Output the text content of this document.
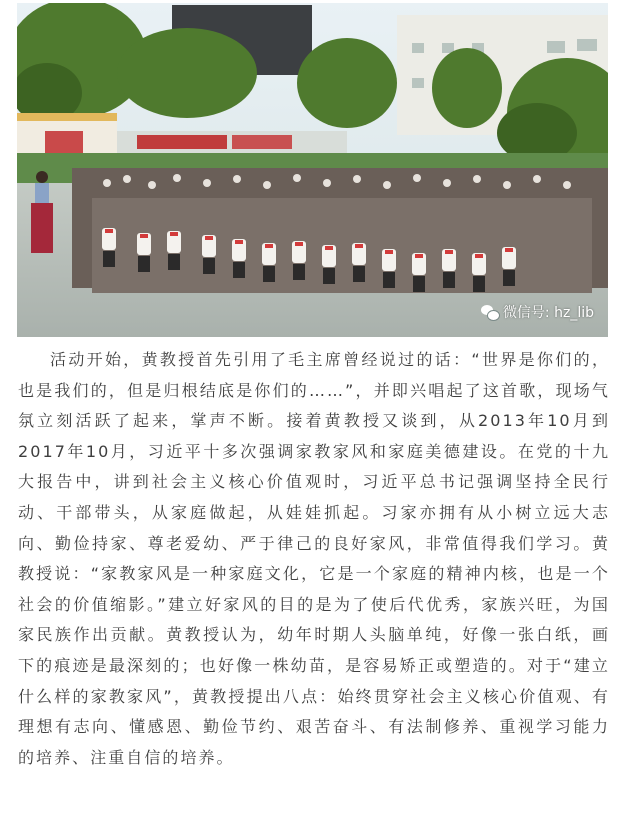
微信号: hz_lib

活动开始，黄教授首先引用了毛主席曾经说过的话：“世界是你们的，也是我们的，但是归根结底是你们的……”，并即兴唱起了这首歌，现场气氛立刻活跃了起来，掌声不断。接着黄教授又谈到，从2013年10月到2017年10月，习近平十多次强调家教家风和家庭美德建设。在党的十九大报告中，讲到社会主义核心价值观时，习近平总书记强调坚持全民行动、干部带头，从家庭做起，从娃娃抓起。习家亦拥有从小树立远大志向、勤俭持家、尊老爱幼、严于律己的良好家风，非常值得我们学习。黄教授说：“家教家风是一种家庭文化，它是一个家庭的精神内核，也是一个社会的价值缩影。”建立好家风的目的是为了使后代优秀，家族兴旺，为国家民族作出贡献。黄教授认为，幼年时期人头脑单纯，好像一张白纸，画下的痕迹是最深刻的；也好像一株幼苗，是容易矫正或塑造的。对于“建立什么样的家教家风”，黄教授提出八点：始终贯穿社会主义核心价值观、有理想有志向、懂感恩、勤俭节约、艰苦奋斗、有法制修养、重视学习能力的培养、注重自信的培养。
